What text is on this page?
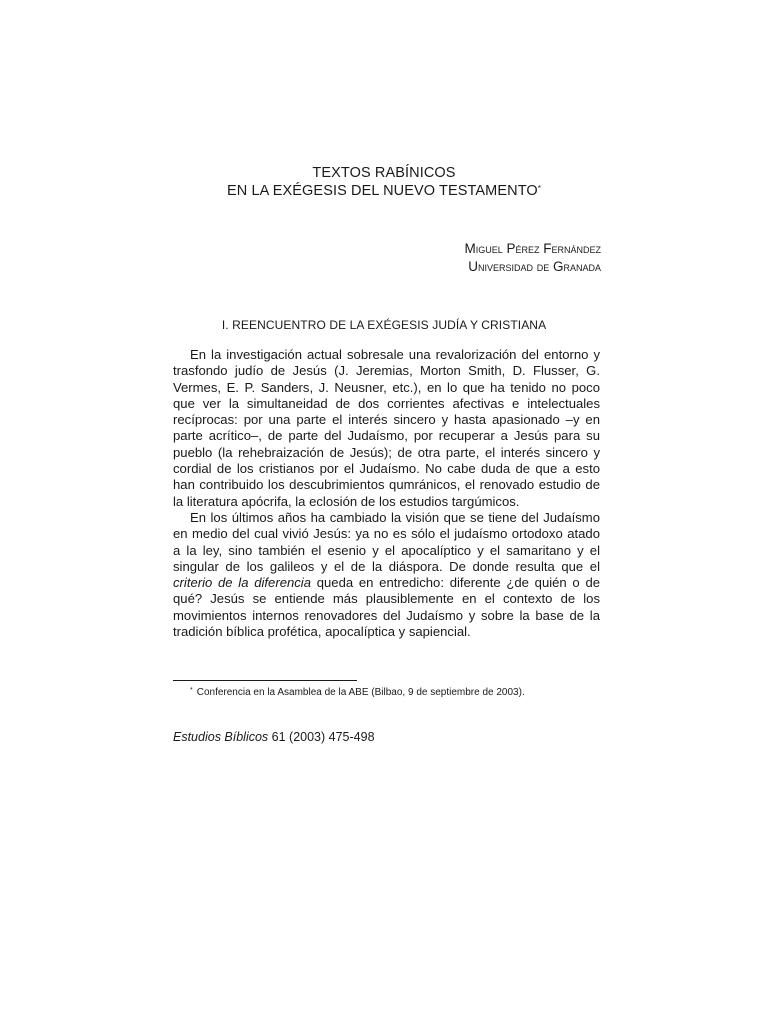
TEXTOS RABÍNICOS
EN LA EXÉGESIS DEL NUEVO TESTAMENTO*
Miguel Pérez Fernández
Universidad de Granada
I. REENCUENTRO DE LA EXÉGESIS JUDÍA Y CRISTIANA

En la investigación actual sobresale una revalorización del entorno y trasfondo judío de Jesús (J. Jeremias, Morton Smith, D. Flusser, G. Vermes, E. P. Sanders, J. Neusner, etc.), en lo que ha tenido no poco que ver la simultaneidad de dos corrientes afectivas e intelectuales recíprocas: por una parte el interés sincero y hasta apasionado –y en parte acrítico–, de parte del Judaísmo, por recuperar a Jesús para su pueblo (la rehebraización de Jesús); de otra parte, el interés sincero y cordial de los cristianos por el Judaísmo. No cabe duda de que a esto han contribuido los descubrimientos qumránicos, el renovado estudio de la literatura apócrifa, la eclosión de los estudios targúmicos.

En los últimos años ha cambiado la visión que se tiene del Judaísmo en medio del cual vivió Jesús: ya no es sólo el judaísmo ortodoxo atado a la ley, sino también el esenio y el apocalíptico y el samaritano y el singular de los galileos y el de la diáspora. De donde resulta que el criterio de la diferencia queda en entredicho: diferente ¿de quién o de qué? Jesús se entiende más plausiblemente en el contexto de los movimientos internos renovadores del Judaísmo y sobre la base de la tradición bíblica profética, apocalíptica y sapiencial.

* Conferencia en la Asamblea de la ABE (Bilbao, 9 de septiembre de 2003).
Estudios Bíblicos 61 (2003) 475-498
